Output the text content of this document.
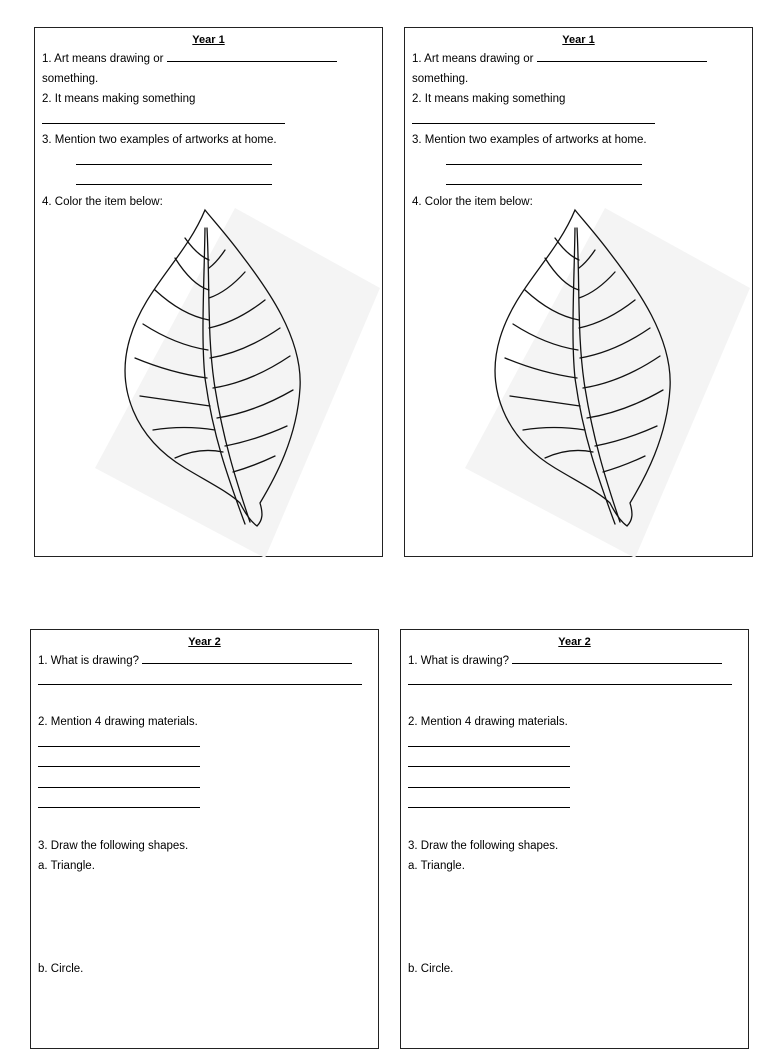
Year 1
1. Art means drawing or
something.
2. It means making something
3. Mention two examples of artworks at home.
4. Color the item below:
Year 1
1. Art means drawing or
something.
2. It means making something
3. Mention two examples of artworks at home.
4. Color the item below:
Year 2
1. What is drawing?
2. Mention 4 drawing materials.
3. Draw the following shapes.
a. Triangle.
b. Circle.
Year 2
1. What is drawing?
2. Mention 4 drawing materials.
3. Draw the following shapes.
a. Triangle.
b. Circle.
